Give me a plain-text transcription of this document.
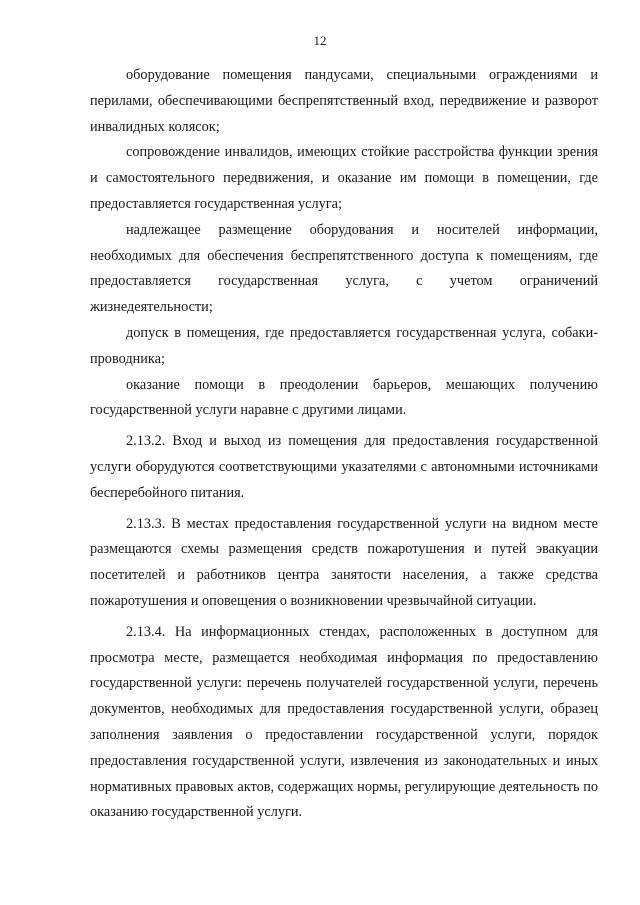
12

оборудование помещения пандусами, специальными ограждениями и перилами, обеспечивающими беспрепятственный вход, передвижение и разворот инвалидных колясок;

сопровождение инвалидов, имеющих стойкие расстройства функции зрения и самостоятельного передвижения, и оказание им помощи в помещении, где предоставляется государственная услуга;

надлежащее размещение оборудования и носителей информации, необходимых для обеспечения беспрепятственного доступа к помещениям, где предоставляется государственная услуга, с учетом ограничений жизнедеятельности;

допуск в помещения, где предоставляется государственная услуга, собаки-проводника;

оказание помощи в преодолении барьеров, мешающих получению государственной услуги наравне с другими лицами.

2.13.2. Вход и выход из помещения для предоставления государственной услуги оборудуются соответствующими указателями с автономными источниками бесперебойного питания.

2.13.3. В местах предоставления государственной услуги на видном месте размещаются схемы размещения средств пожаротушения и путей эвакуации посетителей и работников центра занятости населения, а также средства пожаротушения и оповещения о возникновении чрезвычайной ситуации.

2.13.4. На информационных стендах, расположенных в доступном для просмотра месте, размещается необходимая информация по предоставлению государственной услуги: перечень получателей государственной услуги, перечень документов, необходимых для предоставления государственной услуги, образец заполнения заявления о предоставлении государственной услуги, порядок предоставления государственной услуги, извлечения из законодательных и иных нормативных правовых актов, содержащих нормы, регулирующие деятельность по оказанию государственной услуги.
